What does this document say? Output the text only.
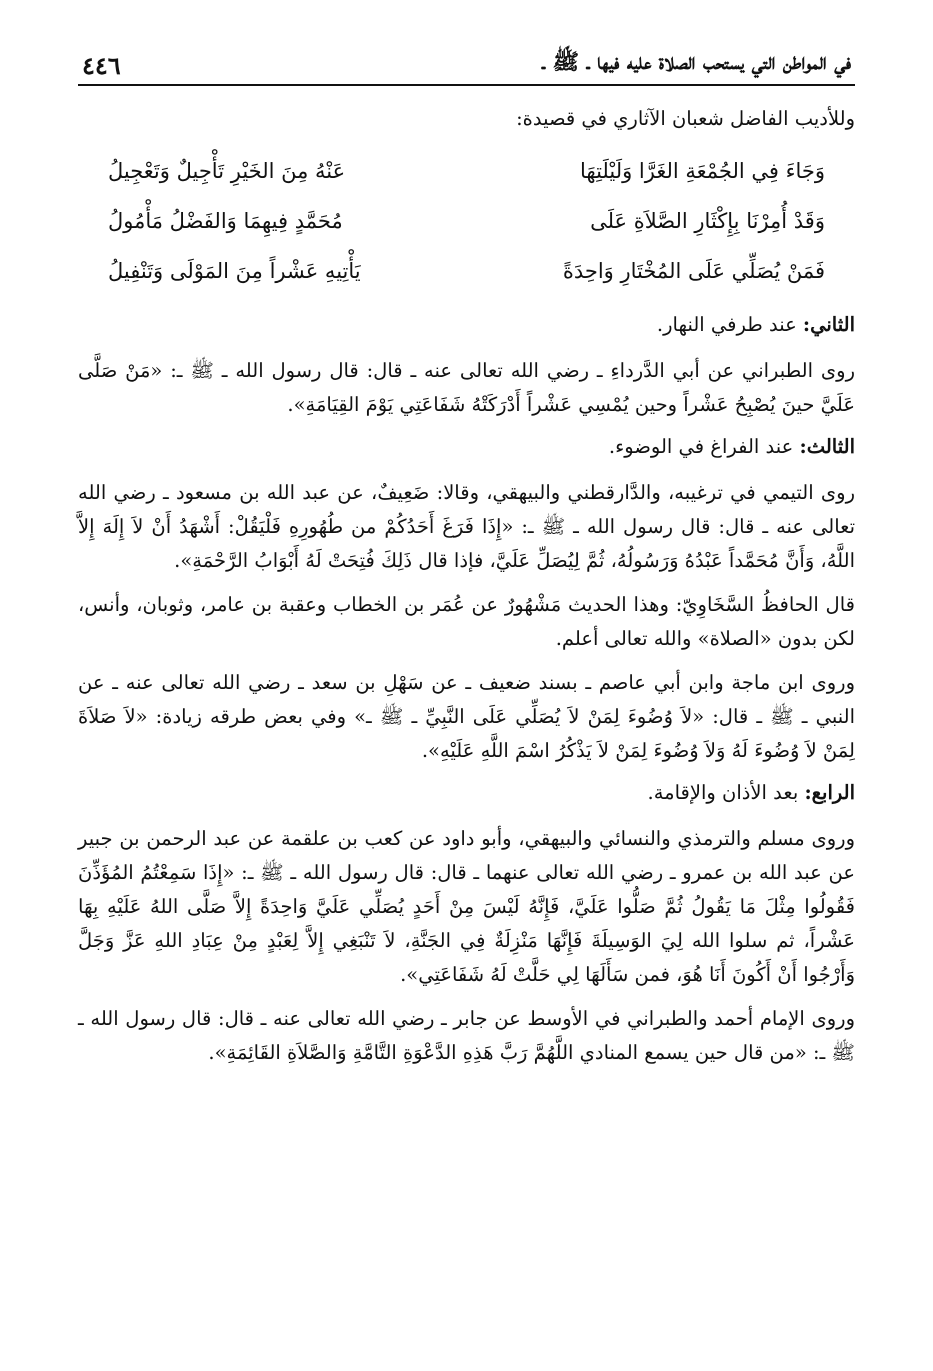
في المواطن التي يستحب الصلاة عليه فيها ـ ﷺ ـ
٤٤٦

وللأديب الفاضل شعبان الآثاري في قصيدة:

وَجَاءَ فِي الجُمْعَةِ الغَرَّا وَلَيْلَتِهَا
عَنْهُ مِنَ الخَيْرِ تَأْجِيلٌ وَتَعْجِيلُ
وَقَدْ أُمِرْنَا بِإِكْثَارِ الصَّلاَةِ عَلَى
مُحَمَّدٍ فِيهِمَا وَالفَضْلُ مَأْمُولُ
فَمَنْ يُصَلِّي عَلَى المُخْتَارِ وَاحِدَةً
يَأْتِيهِ عَشْراً مِنَ المَوْلَى وَتَنْفِيلُ
الثاني: عند طرفي النهار.

روى الطبراني عن أبي الدَّرداءِ ـ رضي الله تعالى عنه ـ قال: قال رسول الله ـ ﷺ ـ: «مَنْ صَلَّى عَلَيَّ حينَ يُصْبِحُ عَشْراً وحين يُمْسِي عَشْراً أَدْرَكَتْهُ شَفَاعَتِي يَوْمَ القِيَامَةِ».

الثالث: عند الفراغ في الوضوء.

روى التيمي في ترغيبه، والدَّارقطني والبيهقي، وقالا: ضَعِيفٌ، عن عبد الله بن مسعود ـ رضي الله تعالى عنه ـ قال: قال رسول الله ـ ﷺ ـ: «إِذَا فَرَغَ أَحَدُكُمْ من طُهُورِهِ فَلْيَقُلْ: أَشْهَدُ أَنْ لاَ إِلَهَ إِلاَّ اللَّهُ، وَأَنَّ مُحَمَّداً عَبْدُهُ وَرَسُولُهُ، ثُمَّ لِيُصَلِّ عَلَيَّ، فإذا قال ذَلِكَ فُتِحَتْ لَهُ أَبْوَابُ الرَّحْمَةِ».

قال الحافظُ السَّخَاوِيّ: وهذا الحديث مَشْهُورٌ عن عُمَر بن الخطاب وعقبة بن عامر، وثوبان، وأنس، لكن بدون «الصلاة» والله تعالى أعلم.

وروى ابن ماجة وابن أبي عاصم ـ بسند ضعيف ـ عن سَهْلِ بن سعد ـ رضي الله تعالى عنه ـ عن النبي ـ ﷺ ـ قال: «لاَ وُضُوءَ لِمَنْ لاَ يُصَلِّي عَلَى النَّبِيِّ ـ ﷺ ـ» وفي بعض طرقه زيادة: «لاَ صَلاَةَ لِمَنْ لاَ وُضُوءَ لَهُ وَلاَ وُضُوءَ لِمَنْ لاَ يَذْكُرُ اسْمَ اللَّهِ عَلَيْهِ».

الرابع: بعد الأذان والإقامة.

وروى مسلم والترمذي والنسائي والبيهقي، وأبو داود عن كعب بن علقمة عن عبد الرحمن بن جبير عن عبد الله بن عمرو ـ رضي الله تعالى عنهما ـ قال: قال رسول الله ـ ﷺ ـ: «إِذَا سَمِعْتُمُ المُؤَذِّنَ فَقُولُوا مِثْلَ مَا يَقُولُ ثُمَّ صَلُّوا عَلَيَّ، فَإِنَّهُ لَيْسَ مِنْ أَحَدٍ يُصَلِّي عَلَيَّ وَاحِدَةً إِلاَّ صَلَّى اللهُ عَلَيْهِ بِهَا عَشْراً، ثم سلوا الله لِيَ الوَسِيلَةَ فَإِنَّهَا مَنْزِلَةٌ فِي الجَنَّةِ، لاَ تَنْبَغِي إِلاَّ لِعَبْدٍ مِنْ عِبَادِ اللهِ عَزَّ وَجَلَّ وَأَرْجُوا أَنْ أَكُونَ أَنَا هُوَ، فمن سَأَلَهَا لِي حَلَّتْ لَهُ شَفَاعَتِي».

وروى الإمام أحمد والطبراني في الأوسط عن جابر ـ رضي الله تعالى عنه ـ قال: قال رسول الله ـ ﷺ ـ: «من قال حين يسمع المنادي اللَّهُمَّ رَبَّ هَذِهِ الدَّعْوَةِ التَّامَّةِ وَالصَّلاَةِ القَائِمَةِ».
